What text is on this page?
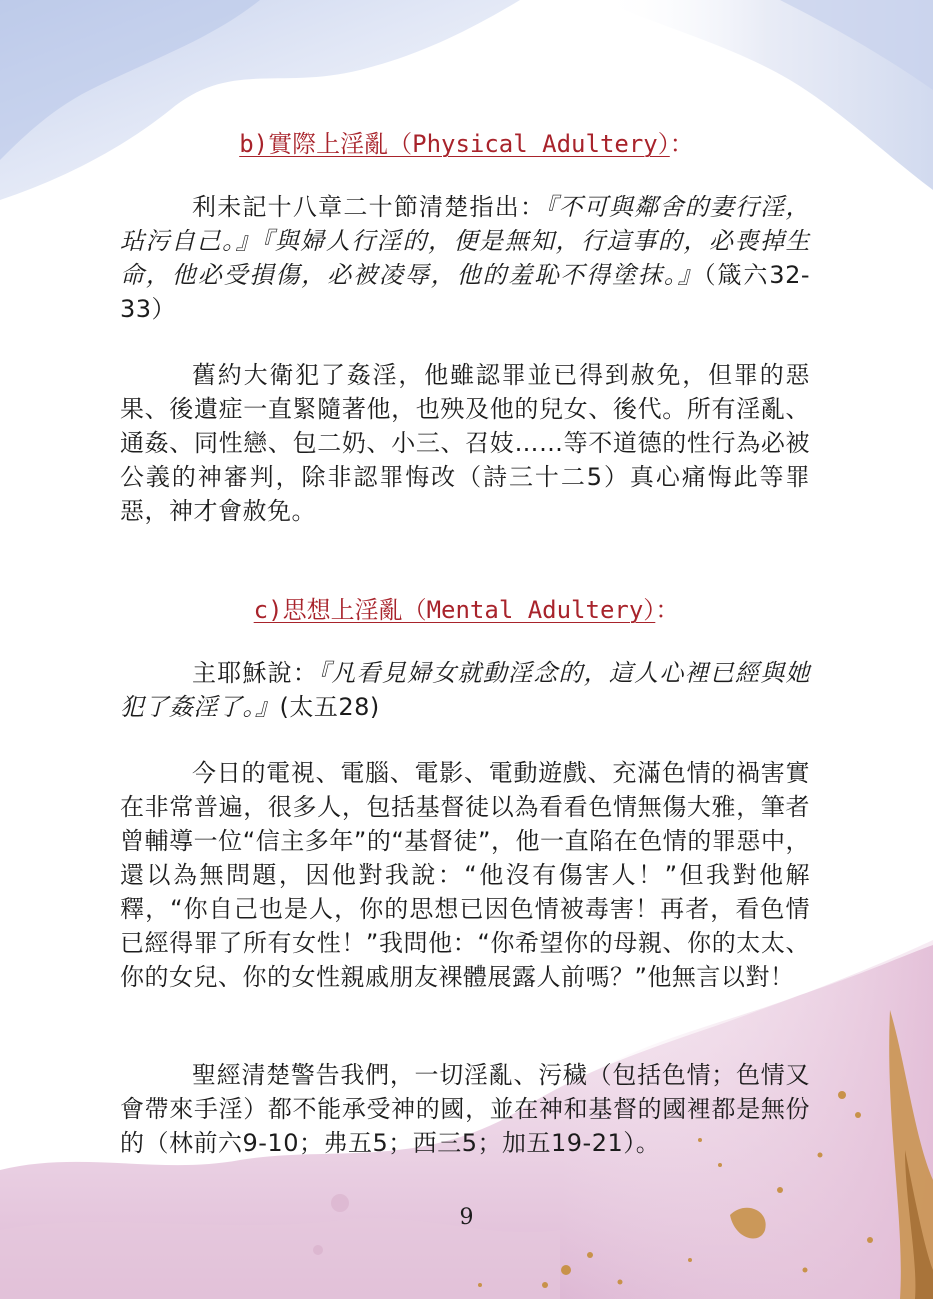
b)實際上淫亂（Physical Adultery）：

利未記十八章二十節清楚指出：『不可與鄰舍的妻行淫，玷污自己。』『與婦人行淫的，便是無知，行這事的，必喪掉生命，他必受損傷，必被凌辱，他的羞恥不得塗抹。』（箴六32-33）

舊約大衛犯了姦淫，他雖認罪並已得到赦免，但罪的惡果、後遺症一直緊隨著他，也殃及他的兒女、後代。所有淫亂、通姦、同性戀、包二奶、小三、召妓……等不道德的性行為必被公義的神審判，除非認罪悔改（詩三十二5）真心痛悔此等罪惡，神才會赦免。

c)思想上淫亂（Mental Adultery）：

主耶穌說：『凡看見婦女就動淫念的，這人心裡已經與她犯了姦淫了。』(太五28)

今日的電視、電腦、電影、電動遊戲、充滿色情的禍害實在非常普遍，很多人，包括基督徒以為看看色情無傷大雅，筆者曾輔導一位“信主多年”的“基督徒”，他一直陷在色情的罪惡中，還以為無問題，因他對我說：“他沒有傷害人！”但我對他解釋，“你自己也是人，你的思想已因色情被毒害！再者，看色情已經得罪了所有女性！”我問他：“你希望你的母親、你的太太、你的女兒、你的女性親戚朋友裸體展露人前嗎？”他無言以對！

聖經清楚警告我們，一切淫亂、污穢（包括色情；色情又會帶來手淫）都不能承受神的國，並在神和基督的國裡都是無份的（林前六9-10；弗五5；西三5；加五19-21）。

9
